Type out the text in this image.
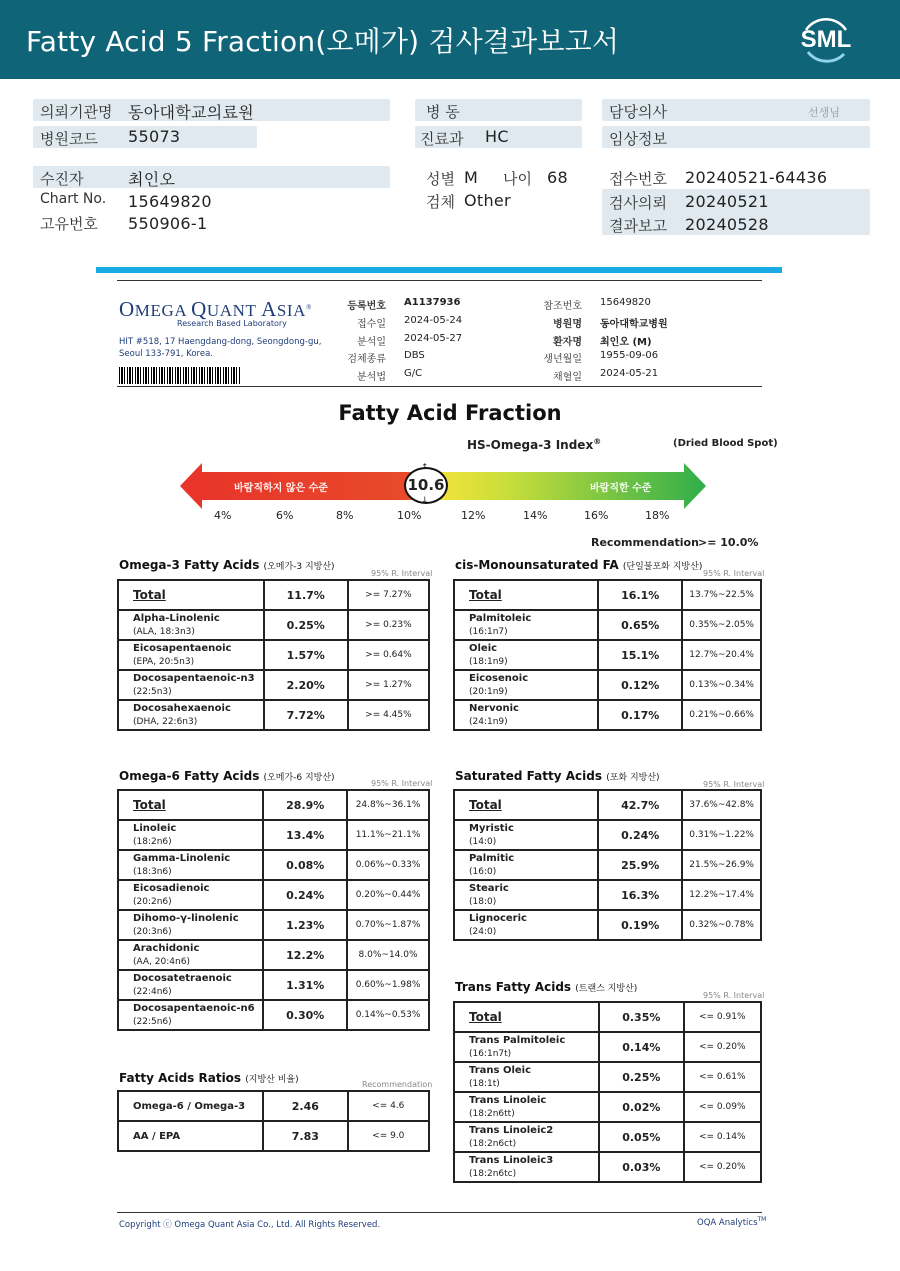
Fatty Acid 5 Fraction(오메가) 검사결과보고서	SML
의뢰기관명 동아대학교의료원
병원코드 55073
수진자	최인오
Chart No. 15649820
고유번호 550906-1
병 동
진료과 HC
성별 M 나이 68
검체 Other
담당의사	선생님
임상정보
접수번호 20240521-64436
검사의뢰 20240521
결과보고 20240528
OMEGA QUANT ASIA®
Research Based Laboratory
HIT #518, 17 Haengdang-dong, Seongdong-gu,
Seoul 133-791, Korea.
등록번호 A1137936
접수일 2024-05-24
분석일 2024-05-27
검체종류 DBS
분석법 G/C
참조번호 15649820
병원명 동아대학교병원
환자명 최인오 (M)
생년월일 1955-09-06
채혈일 2024-05-21
Fatty Acid Fraction
HS-Omega-3 Index®	(Dried Blood Spot)
바람직하지 않은 수준	바람직한 수준
10.6
↓
4%	6%	8%	10%	12%	14%	16%	18%
Recommendation >= 10.0%
Omega-3 Fatty Acids (오메가-3 지방산)
95% R. Interval
Total	11.7%	>= 7.27%
Alpha-Linolenic
(ALA, 18:3n3)	0.25%	>= 0.23%
Eicosapentaenoic
(EPA, 20:5n3)	1.57%	>= 0.64%
Docosapentaenoic-n3
(22:5n3)	2.20%	>= 1.27%
Docosahexaenoic
(DHA, 22:6n3)	7.72%	>= 4.45%
cis-Monounsaturated FA (단일불포화 지방산)
95% R. Interval
Total	16.1%	13.7%~22.5%
Palmitoleic
(16:1n7)	0.65%	0.35%~2.05%
Oleic
(18:1n9)	15.1%	12.7%~20.4%
Eicosenoic
(20:1n9)	0.12%	0.13%~0.34%
Nervonic
(24:1n9)	0.17%	0.21%~0.66%
Omega-6 Fatty Acids (오메가-6 지방산)
95% R. Interval
Total	28.9%	24.8%~36.1%
Linoleic
(18:2n6)	13.4%	11.1%~21.1%
Gamma-Linolenic
(18:3n6)	0.08%	0.06%~0.33%
Eicosadienoic
(20:2n6)	0.24%	0.20%~0.44%
Dihomo-γ-linolenic
(20:3n6)	1.23%	0.70%~1.87%
Arachidonic
(AA, 20:4n6)	12.2%	8.0%~14.0%
Docosatetraenoic
(22:4n6)	1.31%	0.60%~1.98%
Docosapentaenoic-n6
(22:5n6)	0.30%	0.14%~0.53%
Saturated Fatty Acids (포화 지방산)
95% R. Interval
Total	42.7%	37.6%~42.8%
Myristic
(14:0)	0.24%	0.31%~1.22%
Palmitic
(16:0)	25.9%	21.5%~26.9%
Stearic
(18:0)	16.3%	12.2%~17.4%
Lignoceric
(24:0)	0.19%	0.32%~0.78%
Trans Fatty Acids (트랜스 지방산)
95% R. Interval
Total	0.35%	<= 0.91%
Trans Palmitoleic
(16:1n7t)	0.14%	<= 0.20%
Trans Oleic
(18:1t)	0.25%	<= 0.61%
Trans Linoleic
(18:2n6tt)	0.02%	<= 0.09%
Trans Linoleic2
(18:2n6ct)	0.05%	<= 0.14%
Trans Linoleic3
(18:2n6tc)	0.03%	<= 0.20%
Fatty Acids Ratios (지방산 비율)	Recommendation
Omega-6 / Omega-3	2.46	<= 4.6
AA / EPA	7.83	<= 9.0
Copyright ⓒ Omega Quant Asia Co., Ltd. All Rights Reserved.	OQA Analytics™
